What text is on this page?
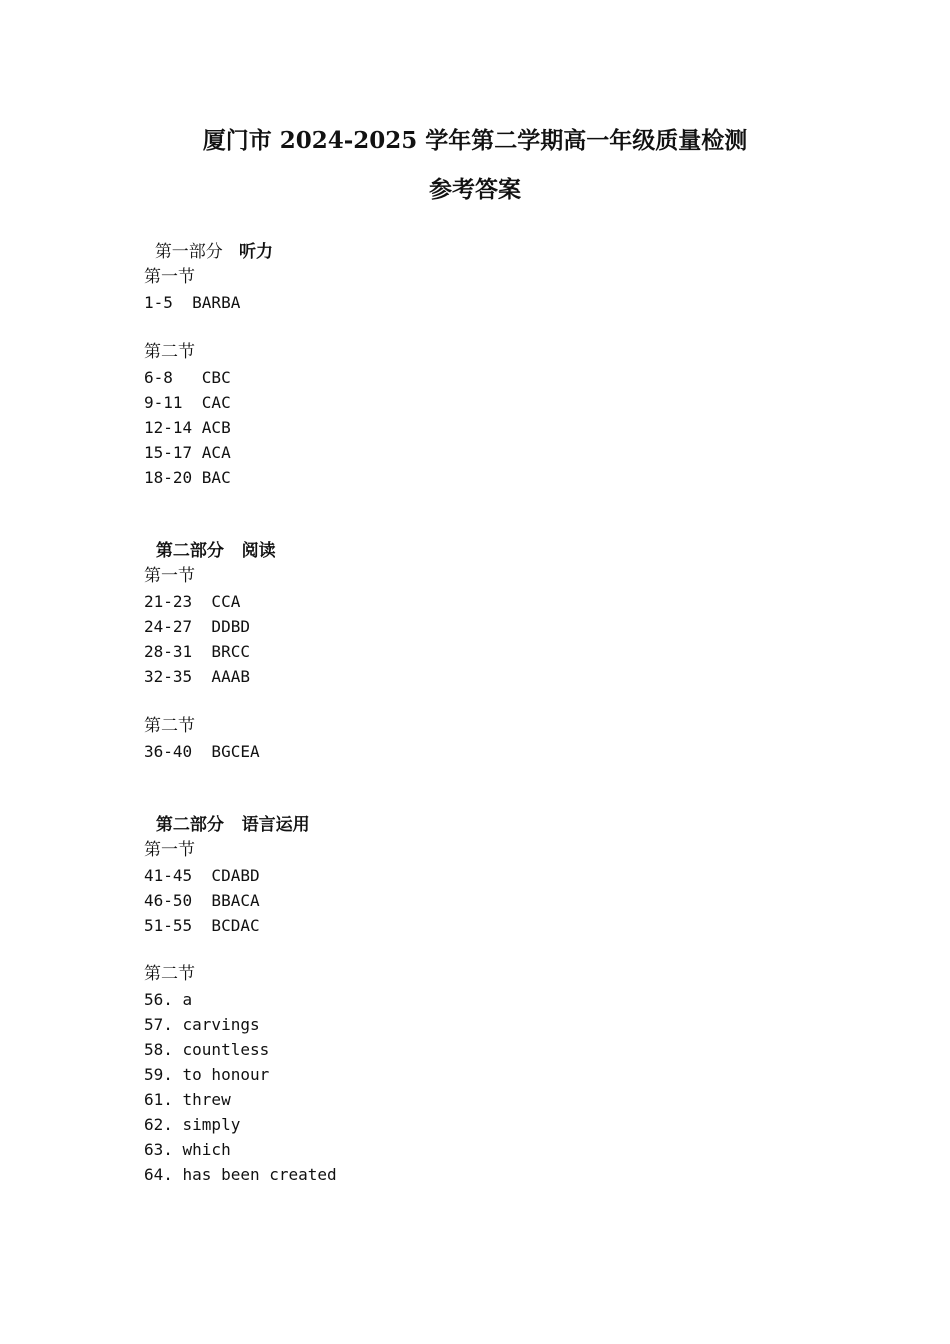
厦门市 2024-2025 学年第二学期高一年级质量检测
参考答案

第一部分 听力

第一节
1-5  BARBA
第二节
6-8   CBC
9-11  CAC
12-14 ACB
15-17 ACA
18-20 BAC

第二部分 阅读

第一节
21-23  CCA
24-27  DDBD
28-31  BRCC
32-35  AAAB
第二节
36-40  BGCEA

第二部分 语言运用

第一节
41-45  CDABD
46-50  BBACA
51-55  BCDAC
第二节
56. a
57. carvings
58. countless
59. to honour
61. threw
62. simply
63. which
64. has been created
